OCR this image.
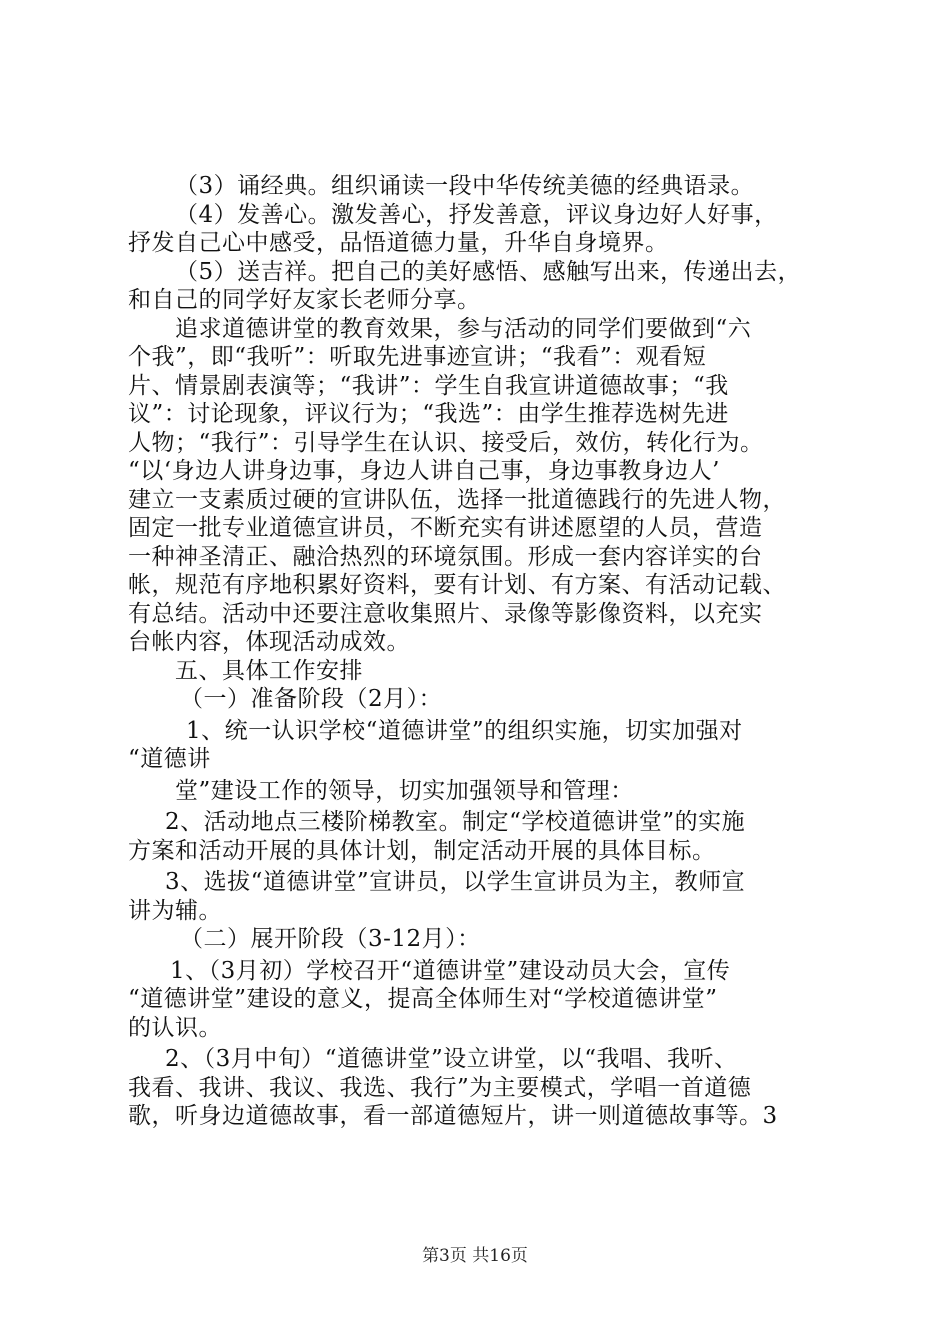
（3）诵经典。组织诵读一段中华传统美德的经典语录。
（4）发善心。激发善心，抒发善意，评议身边好人好事，
抒发自己心中感受，品悟道德力量，升华自身境界。
（5）送吉祥。把自己的美好感悟、感触写出来，传递出去，
和自己的同学好友家长老师分享。
追求道德讲堂的教育效果，参与活动的同学们要做到“六
个我”，即“我听”：听取先进事迹宣讲；“我看”：观看短
片、情景剧表演等；“我讲”：学生自我宣讲道德故事；“我
议”：讨论现象，评议行为；“我选”：由学生推荐选树先进
人物；“我行”：引导学生在认识、接受后，效仿，转化行为。
“以‘身边人讲身边事，身边人讲自己事，身边事教身边人’
建立一支素质过硬的宣讲队伍，选择一批道德践行的先进人物，
固定一批专业道德宣讲员，不断充实有讲述愿望的人员，营造
一种神圣清正、融洽热烈的环境氛围。形成一套内容详实的台
帐，规范有序地积累好资料，要有计划、有方案、有活动记载、
有总结。活动中还要注意收集照片、录像等影像资料，以充实
台帐内容，体现活动成效。
五、具体工作安排
（一）准备阶段（2月）：
1、统一认识学校“道德讲堂”的组织实施，切实加强对
“道德讲
堂”建设工作的领导，切实加强领导和管理：
2、活动地点三楼阶梯教室。制定“学校道德讲堂”的实施
方案和活动开展的具体计划，制定活动开展的具体目标。
3、选拔“道德讲堂”宣讲员，以学生宣讲员为主，教师宣
讲为辅。
（二）展开阶段（3-12月）：
1、（3月初）学校召开“道德讲堂”建设动员大会，宣传
“道德讲堂”建设的意义，提高全体师生对“学校道德讲堂”
的认识。
2、（3月中旬）“道德讲堂”设立讲堂，以“我唱、我听、
我看、我讲、我议、我选、我行”为主要模式，学唱一首道德
歌，听身边道德故事，看一部道德短片，讲一则道德故事等。3
第3页 共16页
